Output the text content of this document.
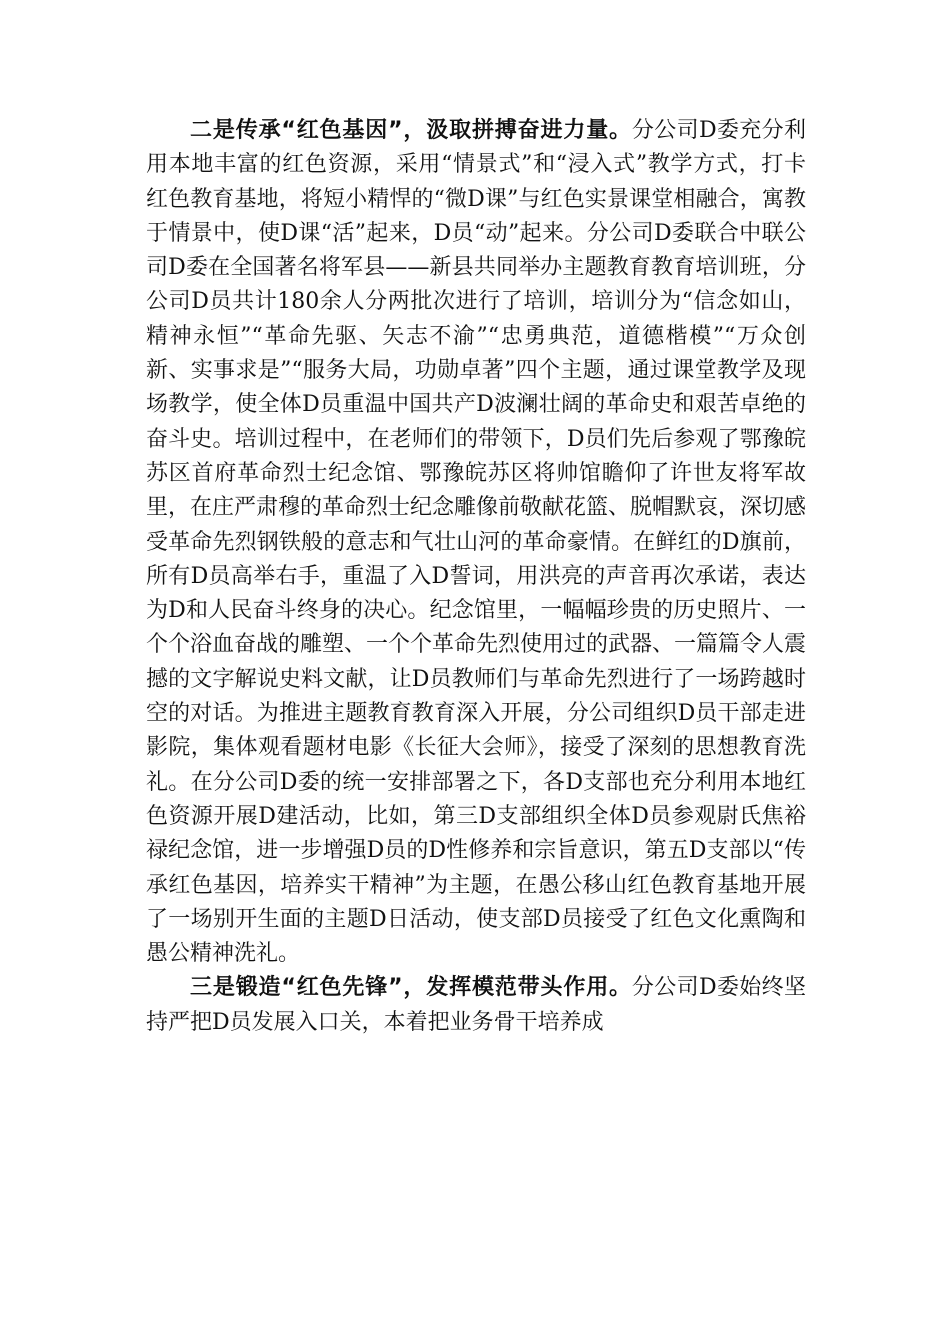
二是传承“红色基因”，汲取拼搏奋进力量。分公司D委充分利用本地丰富的红色资源，采用“情景式”和“浸入式”教学方式，打卡红色教育基地，将短小精悍的“微D课”与红色实景课堂相融合，寓教于情景中，使D课“活”起来，D员“动”起来。分公司D委联合中联公司D委在全国著名将军县——新县共同举办主题教育教育培训班，分公司D员共计180余人分两批次进行了培训，培训分为“信念如山，精神永恒”“革命先驱、矢志不渝”“忠勇典范，道德楷模”“万众创新、实事求是”“服务大局，功勋卓著”四个主题，通过课堂教学及现场教学，使全体D员重温中国共产D波澜壮阔的革命史和艰苦卓绝的奋斗史。培训过程中，在老师们的带领下，D员们先后参观了鄂豫皖苏区首府革命烈士纪念馆、鄂豫皖苏区将帅馆瞻仰了许世友将军故里，在庄严肃穆的革命烈士纪念雕像前敬献花篮、脱帽默哀，深切感受革命先烈钢铁般的意志和气壮山河的革命豪情。在鲜红的D旗前，所有D员高举右手，重温了入D誓词，用洪亮的声音再次承诺，表达为D和人民奋斗终身的决心。纪念馆里，一幅幅珍贵的历史照片、一个个浴血奋战的雕塑、一个个革命先烈使用过的武器、一篇篇令人震撼的文字解说史料文献，让D员教师们与革命先烈进行了一场跨越时空的对话。为推进主题教育教育深入开展，分公司组织D员干部走进影院，集体观看题材电影《长征大会师》，接受了深刻的思想教育洗礼。在分公司D委的统一安排部署之下，各D支部也充分利用本地红色资源开展D建活动，比如，第三D支部组织全体D员参观尉氏焦裕禄纪念馆，进一步增强D员的D性修养和宗旨意识，第五D支部以“传承红色基因，培养实干精神”为主题，在愚公移山红色教育基地开展了一场别开生面的主题D日活动，使支部D员接受了红色文化熏陶和愚公精神洗礼。

三是锻造“红色先锋”，发挥模范带头作用。分公司D委始终坚持严把D员发展入口关，本着把业务骨干培养成
